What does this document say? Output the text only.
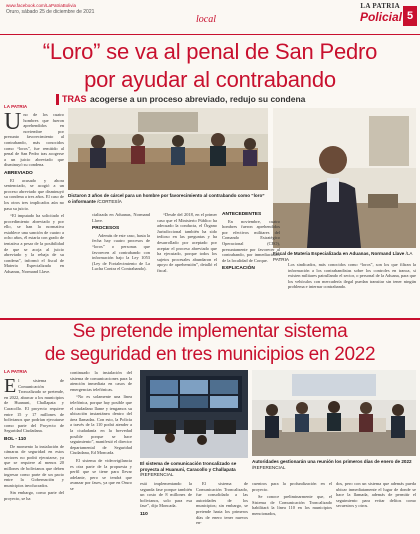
www.facebook.com/LaPatriaBolivia
Oruro, sábado 25 de diciembre de 2021
local
LA PATRIA
Policial 5
“Loro” se va al penal de San Pedro
por ayudar al contrabando
TRAS acogerse a un proceso abreviado, redujo su condena
LA PATRIA

Uno de los cuatro hombres que fueron aprehendidos en noviembre por presunto favorecimiento al contrabando, más conocidos como “loros”, fue remitido al penal de San Pedro tras acogerse a un juicio abreviado que disminuyó su condena.

ABREVIADO

El acusado y ahora sentenciado, se acogió a un proceso abreviado que disminuyó su condena a tres años. El caso de los otros tres implicados aún no pasa su juicio.

“El imputado ha solicitado el procedimiento abreviado y por ello, se han la normativa establece una sanción de cuatro a ocho años, él estaría con grado de tentativa a pesar de la posibilidad de que se acoja al juicio abreviado y la rebaja de su condena”, informó el fiscal de Materia Especializada en Aduanas, Normand Llave.

Dictaron 3 años de cárcel para un hombre por favorecimiento al contrabando como “loro” o informante /CORTESÍA
Fiscal de Materia Especializada en Aduanas, Normand Llave /LA PATRIA

cializada en Aduanas, Normand Llave.

PROCESOS

Además de este caso, hasta la fecha hay cuatro procesos de “loros” o personas que favorecen al contrabando con información bajo la Ley 1053 (Ley de Fortalecimiento de La Lucha Contra el Contrabando).

“Desde del 2018, en el primer caso que el Ministerio Público ha adecuado la conducta, el Órgano Jurisdiccional también ha sido tedioso en las preguntas y ha desarrollado por aceptado por aceptar el proceso abreviado que ha ejecutado, porque todos los sujetos procesales abundaron el apoyo de aprehensión”, detalló el fiscal.

ANTECEDENTES

En noviembre, cuatro hombres fueron aprehendidos por efectivos militares del Comando Estratégico Operacional (CEO), presuntamente por favorecer al contrabando, por inmediaciones de la localidad de Corque.

EXPLICACIÓN

Los sindicados, más conocidos como “loros”, son los que filtran la información a los contrabandistas sobre los controles en tranca, si existen militares patrullando el sector, o personal de la Aduana, para que los vehículos con mercadería ilegal puedan transitar sin tener ningún problema e internar contrabando.

Se pretende implementar sistema
de seguridad en tres municipios en 2022
LA PATRIA

El sistema de Comunicación Troncalizado se pretende, en 2022, abarcar a los municipios de Huanuni, Challapata y Caracollo. El proyecto requiere entre 15 y 17 millones de bolivianos que podrían ejecutarse como parte del Proyecto de Seguridad Ciudadana.

BOL - 110

De momento la instalación de cámaras de seguridad en estos sectores no podrá ejecutarse, ya que se requiere al menos 20 millones de bolivianos que deben ingresar como parte de un pacto entre la Gobernación y municipios involucrados.

Sin embargo, como parte del proyecto, se ha

continuado la instalación del sistema de comunicaciones para la atención inmediata en casos de emergencias telefónicas.

“No es solamente una línea telefónica, porque hay posible que el ciudadano llame y tengamos su ubicación instantánea dentro del área llamadas. Con esto, la Policía a través de la 110 podrá atender a la ciudadanía en la brevedad posible porque se hace seguimiento”, manifestó el director departamental de Seguridad Ciudadana, Ed Moncada.

El sistema de videovigilancia es otra parte de la propuesta y perfil que se tiene para llevar adelante, pero se tendrá que avanzar por fases, ya que en Oruro se

El sistema de comunicación troncalizado se proyecta al Huanuni, Caracollo y Challapata /REFERENCIAL
Autoridades gestionarán una reunión los primeros días de enero de 2022 /REFERENCIAL

está implementando la segunda fase porque también un costo de 8 millones de bolivianos, solo para esa fase”, dijo Moncada.

110

El sistema de Comunicación Troncalizado, fue consolidado a las autoridades de los municipios; sin embargo, se pretende hasta los primeros días de enero tener nuevos en-

cuentros para la profundización en el proyecto.

Se conoce preliminarmente que, el Sistema de Comunicación Troncalizado habilitará la línea 110 en los municipios mencionados,

dos, pero con un sistema que además pueda ubicar inmediatamente el lugar de donde se hace la llamada, además de permitir el seguimiento para evitar delitos como secuestros y otros.
